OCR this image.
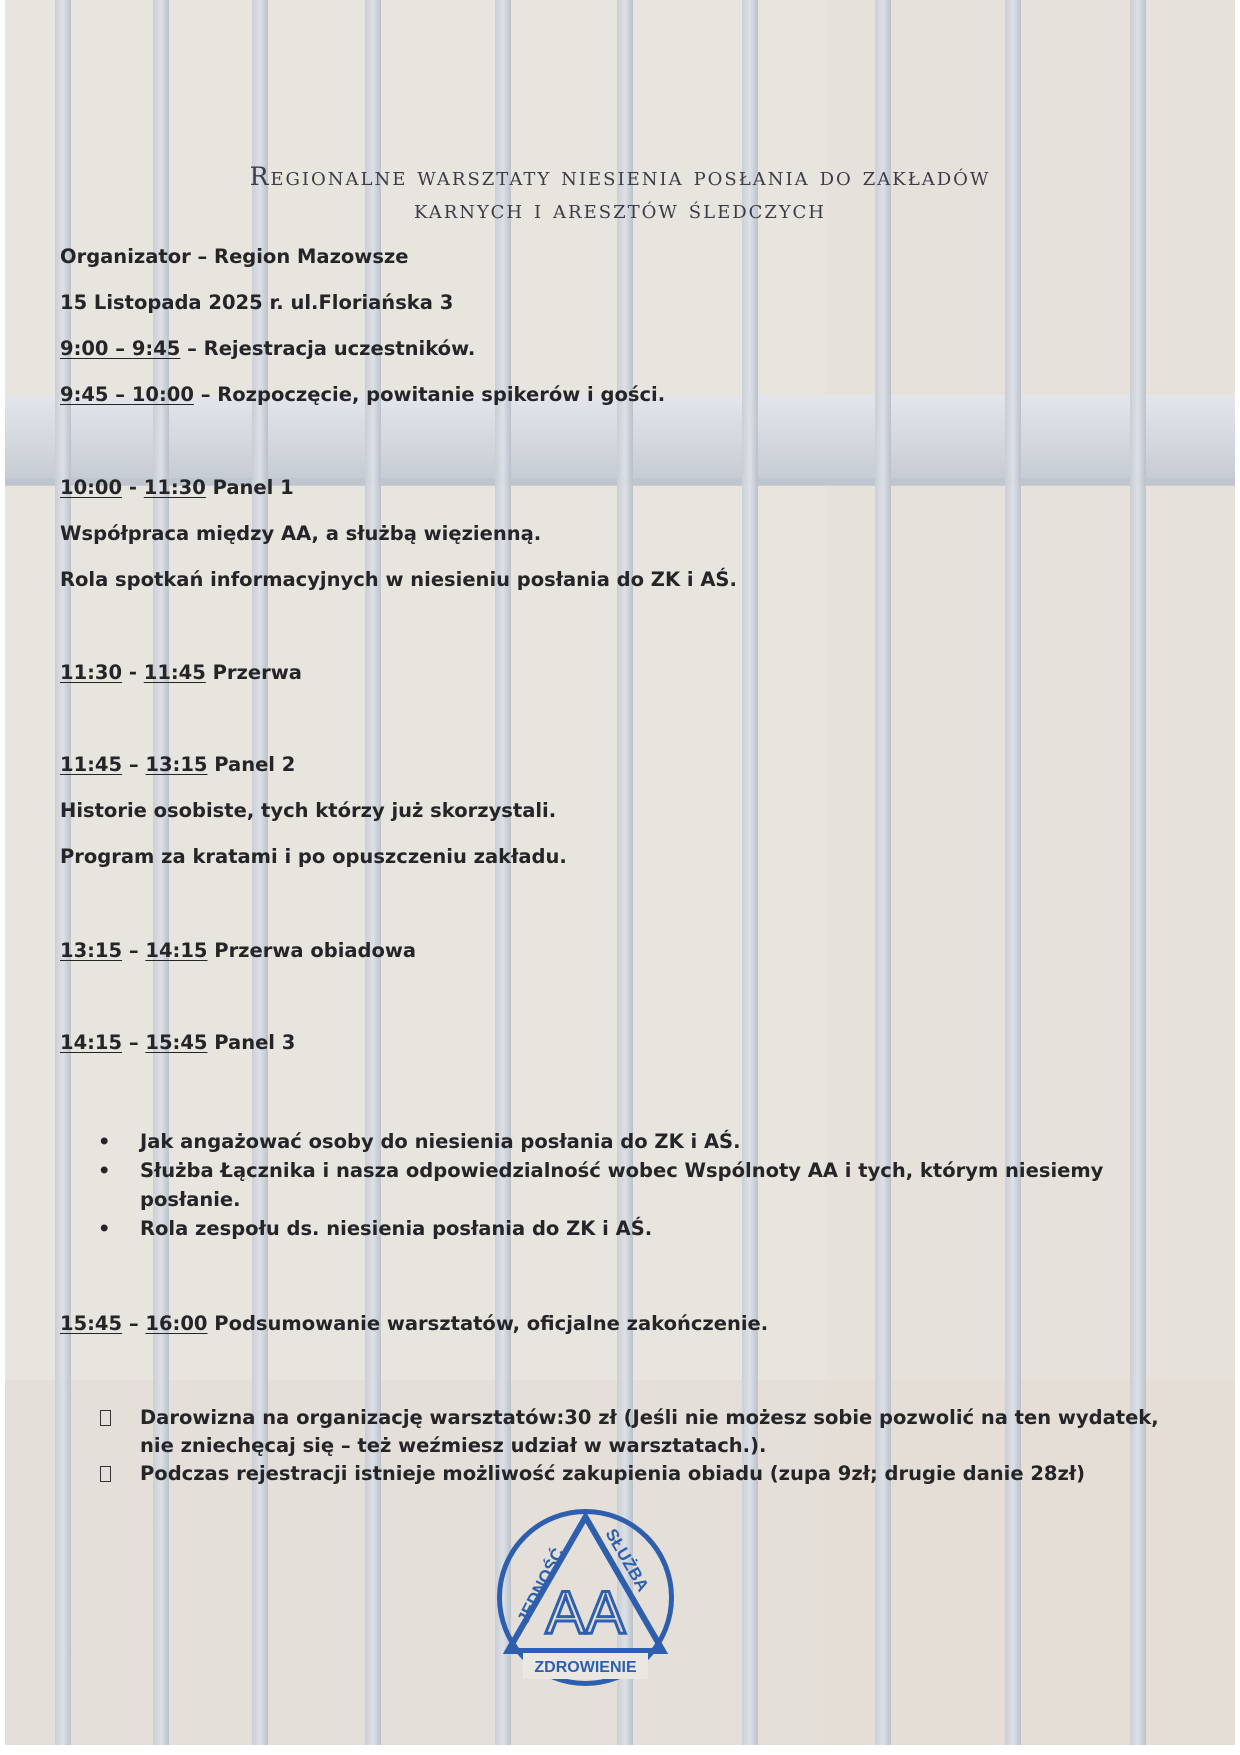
Regionalne warsztaty niesienia posłania do zakładów
karnych i aresztów śledczych
Organizator – Region Mazowsze
15 Listopada 2025 r. ul.Floriańska 3
9:00 – 9:45 – Rejestracja uczestników.
9:45 – 10:00 – Rozpoczęcie, powitanie spikerów i gości.
10:00 - 11:30 Panel 1
Współpraca między AA, a służbą więzienną.
Rola spotkań informacyjnych w niesieniu posłania do ZK i AŚ.
11:30 - 11:45 Przerwa
11:45 – 13:15 Panel 2
Historie osobiste, tych którzy już skorzystali.
Program za kratami i po opuszczeniu zakładu.
13:15 – 14:15 Przerwa obiadowa
14:15 – 15:45 Panel 3
• Jak angażować osoby do niesienia posłania do ZK i AŚ.
• Służba Łącznika i nasza odpowiedzialność wobec Wspólnoty AA i tych, którym niesiemy posłanie.
• Rola zespołu ds. niesienia posłania do ZK i AŚ.
15:45 – 16:00 Podsumowanie warsztatów, oficjalne zakończenie.
Darowizna na organizację warsztatów:30 zł (Jeśli nie możesz sobie pozwolić na ten wydatek, nie zniechęcaj się – też weźmiesz udział w warsztatach.).
Podczas rejestracji istnieje możliwość zakupienia obiadu (zupa 9zł; drugie danie 28zł)
JEDNOŚĆ SŁUŻBA
AA
ZDROWIENIE
